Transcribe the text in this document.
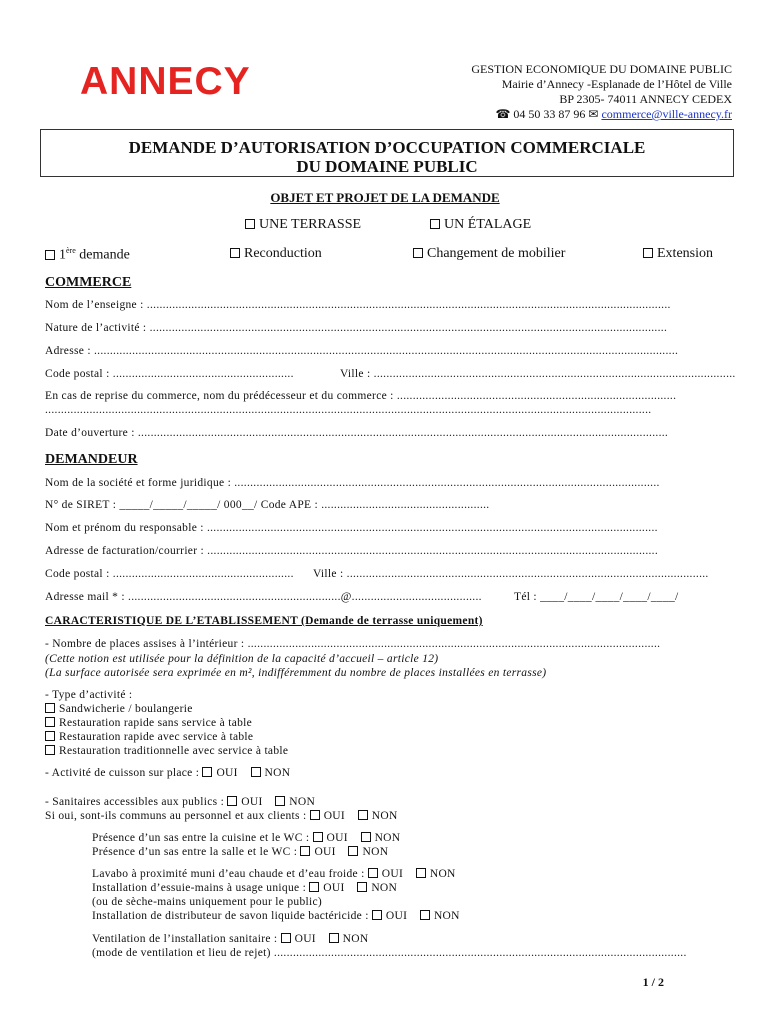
ANNECY	GESTION ECONOMIQUE DU DOMAINE PUBLIC
Mairie d’Annecy -Esplanade de l’Hôtel de Ville
BP 2305- 74011 ANNECY CEDEX
☎ 04 50 33 87 96 ✉ commerce@ville-annecy.fr
DEMANDE D’AUTORISATION D’OCCUPATION COMMERCIALE
DU DOMAINE PUBLIC
OBJET ET PROJET DE LA DEMANDE
UNE TERRASSE	UN ÉTALAGE
1ère demande	Reconduction	Changement de mobilier	Extension
COMMERCE
Nom de l’enseigne : .....................................................................................................................................................................
Nature de l’activité : ...................................................................................................................................................................
Adresse : ........................................................................................................................................................................................
Code postal : .........................................................	Ville : ..................................................................................................................
En cas de reprise du commerce, nom du prédécesseur et du commerce : ........................................................................................
...............................................................................................................................................................................................
Date d’ouverture : .......................................................................................................................................................................
DEMANDEUR
Nom de la société et forme juridique : ......................................................................................................................................
N° de SIRET : _____/_____/_____/ 000__/ Code APE : .....................................................
Nom et prénom du responsable : ..............................................................................................................................................
Adresse de facturation/courrier : ..............................................................................................................................................
Code postal : ......................................................... Ville : ..................................................................................................................
Adresse mail * : ...................................................................@.........................................	Tél : ____/____/____/____/____/
CARACTERISTIQUE DE L’ETABLISSEMENT (Demande de terrasse uniquement)
- Nombre de places assises à l’intérieur : ..................................................................................................................................
(Cette notion est utilisée pour la définition de la capacité d’accueil – article 12)
(La surface autorisée sera exprimée en m², indifféremment du nombre de places installées en terrasse)
- Type d’activité :
Sandwicherie / boulangerie
Restauration rapide sans service à table
Restauration rapide avec service à table
Restauration traditionnelle avec service à table
- Activité de cuisson sur place : OUI NON
- Sanitaires accessibles aux publics : OUI NON
Si oui, sont-ils communs au personnel et aux clients : OUI NON
Présence d’un sas entre la cuisine et le WC : OUI NON
Présence d’un sas entre la salle et le WC : OUI NON
Lavabo à proximité muni d’eau chaude et d’eau froide : OUI NON
Installation d’essuie-mains à usage unique : OUI NON
(ou de sèche-mains uniquement pour le public)
Installation de distributeur de savon liquide bactéricide : OUI NON
Ventilation de l’installation sanitaire : OUI NON
(mode de ventilation et lieu de rejet) ..................................................................................................................................
1 / 2
